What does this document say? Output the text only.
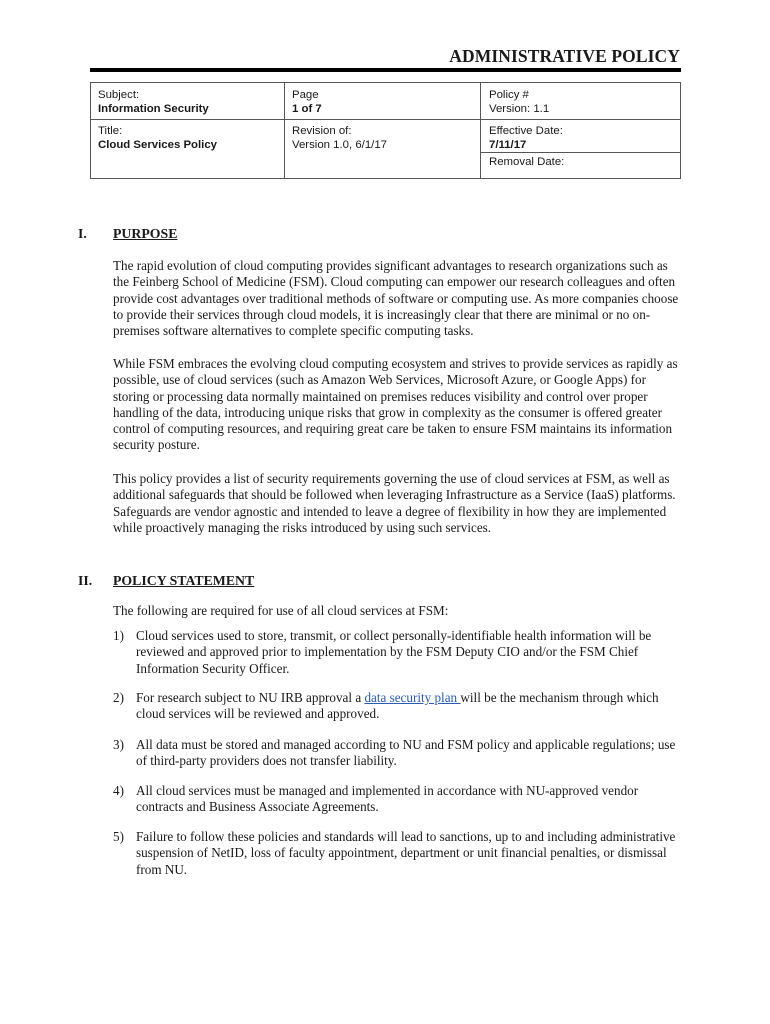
ADMINISTRATIVE POLICY
Subject:
Information Security
Page
1 of 7
Policy #
Version: 1.1
Title:
Cloud Services Policy
Revision of:
Version 1.0, 6/1/17
Effective Date:
7/11/17
Removal Date:
I. PURPOSE

The rapid evolution of cloud computing provides significant advantages to research organizations such as the Feinberg School of Medicine (FSM). Cloud computing can empower our research colleagues and often provide cost advantages over traditional methods of software or computing use. As more companies choose to provide their services through cloud models, it is increasingly clear that there are minimal or no on-premises software alternatives to complete specific computing tasks.

While FSM embraces the evolving cloud computing ecosystem and strives to provide services as rapidly as possible, use of cloud services (such as Amazon Web Services, Microsoft Azure, or Google Apps) for storing or processing data normally maintained on premises reduces visibility and control over proper handling of the data, introducing unique risks that grow in complexity as the consumer is offered greater control of computing resources, and requiring great care be taken to ensure FSM maintains its information security posture.

This policy provides a list of security requirements governing the use of cloud services at FSM, as well as additional safeguards that should be followed when leveraging Infrastructure as a Service (IaaS) platforms. Safeguards are vendor agnostic and intended to leave a degree of flexibility in how they are implemented while proactively managing the risks introduced by using such services.

II. POLICY STATEMENT

The following are required for use of all cloud services at FSM:

1) Cloud services used to store, transmit, or collect personally-identifiable health information will be reviewed and approved prior to implementation by the FSM Deputy CIO and/or the FSM Chief Information Security Officer.
2) For research subject to NU IRB approval a data security plan will be the mechanism through which cloud services will be reviewed and approved.
3) All data must be stored and managed according to NU and FSM policy and applicable regulations; use of third-party providers does not transfer liability.
4) All cloud services must be managed and implemented in accordance with NU-approved vendor contracts and Business Associate Agreements.
5) Failure to follow these policies and standards will lead to sanctions, up to and including administrative suspension of NetID, loss of faculty appointment, department or unit financial penalties, or dismissal from NU.
